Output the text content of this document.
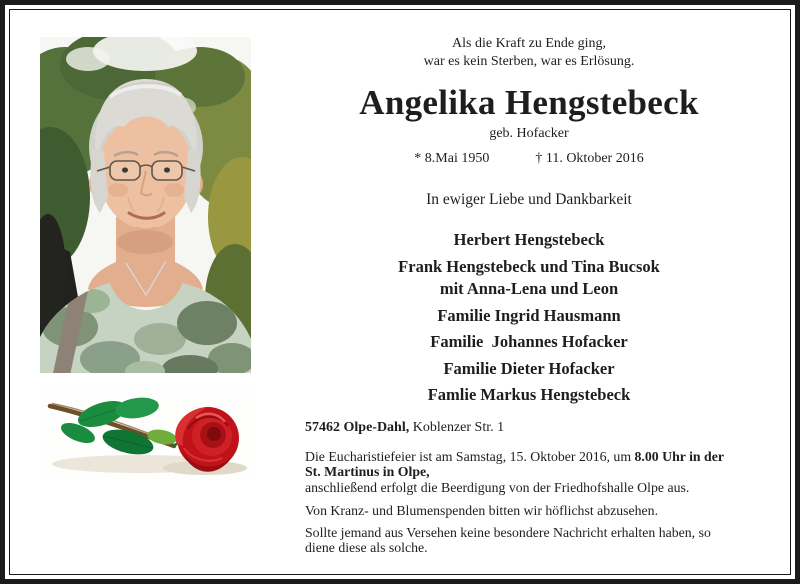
Als die Kraft zu Ende ging,
war es kein Sterben, war es Erlösung.
Angelika Hengstebeck
geb. Hofacker
* 8.Mai 1950	† 11. Oktober 2016
In ewiger Liebe und Dankbarkeit
Herbert Hengstebeck
Frank Hengstebeck und Tina Bucsok
mit Anna-Lena und Leon
Familie Ingrid Hausmann
Familie  Johannes Hofacker
Familie Dieter Hofacker
Famlie Markus Hengstebeck
57462 Olpe-Dahl, Koblenzer Str. 1
Die Eucharistiefeier ist am Samstag, 15. Oktober 2016, um 8.00 Uhr in der
St. Martinus in Olpe,
anschließend erfolgt die Beerdigung von der Friedhofshalle Olpe aus.
Von Kranz- und Blumenspenden bitten wir höflichst abzusehen.
Sollte jemand aus Versehen keine besondere Nachricht erhalten haben, so
diene diese als solche.
